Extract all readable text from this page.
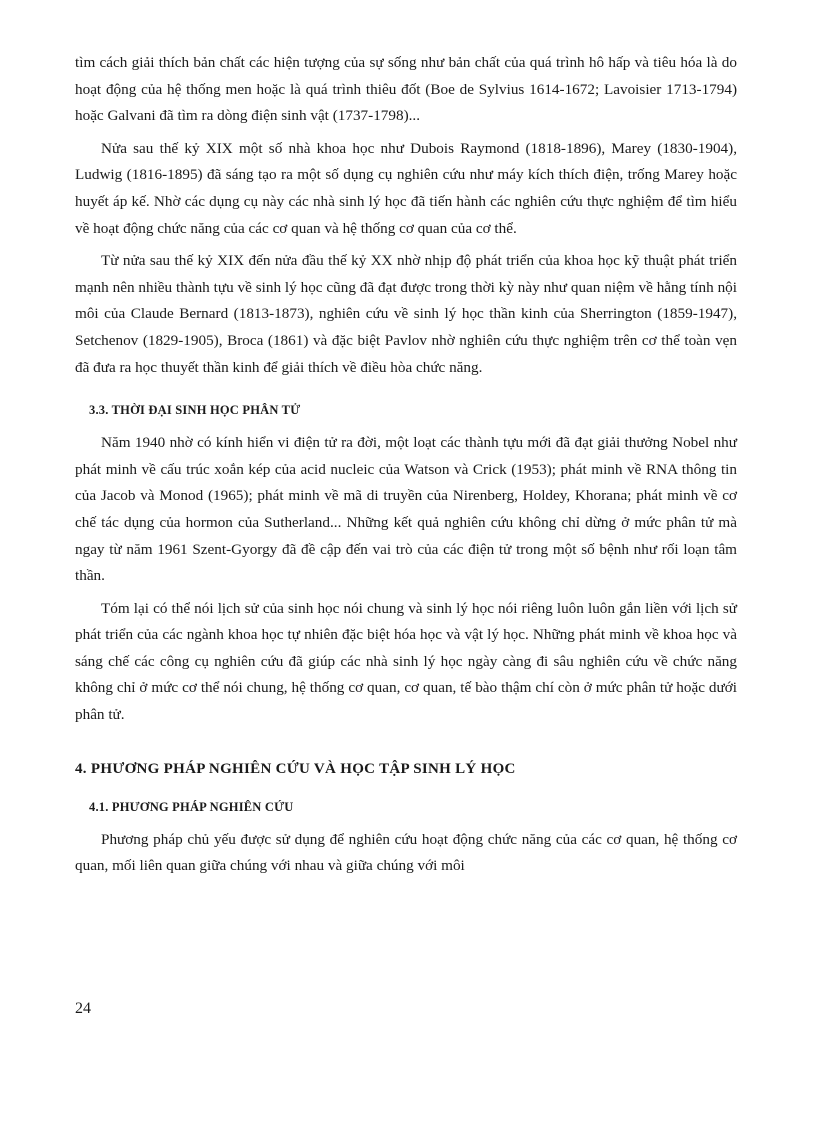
tìm cách giải thích bản chất các hiện tượng của sự sống như bản chất của quá trình hô hấp và tiêu hóa là do hoạt động của hệ thống men hoặc là quá trình thiêu đốt (Boe de Sylvius 1614-1672; Lavoisier 1713-1794) hoặc Galvani đã tìm ra dòng điện sinh vật (1737-1798)...

Nửa sau thế kỷ XIX một số nhà khoa học như Dubois Raymond (1818-1896), Marey (1830-1904), Ludwig (1816-1895) đã sáng tạo ra một số dụng cụ nghiên cứu như máy kích thích điện, trống Marey hoặc huyết áp kế. Nhờ các dụng cụ này các nhà sinh lý học đã tiến hành các nghiên cứu thực nghiệm để tìm hiểu về hoạt động chức năng của các cơ quan và hệ thống cơ quan của cơ thể.

Từ nửa sau thế kỷ XIX đến nửa đầu thế kỷ XX nhờ nhịp độ phát triển của khoa học kỹ thuật phát triển mạnh nên nhiều thành tựu về sinh lý học cũng đã đạt được trong thời kỳ này như quan niệm về hằng tính nội môi của Claude Bernard (1813-1873), nghiên cứu về sinh lý học thần kinh của Sherrington (1859-1947), Setchenov (1829-1905), Broca (1861) và đặc biệt Pavlov nhờ nghiên cứu thực nghiệm trên cơ thể toàn vẹn đã đưa ra học thuyết thần kinh để giải thích về điều hòa chức năng.

3.3. THỜI ĐẠI SINH HỌC PHÂN TỬ

Năm 1940 nhờ có kính hiển vi điện tử ra đời, một loạt các thành tựu mới đã đạt giải thưởng Nobel như phát minh về cấu trúc xoắn kép của acid nucleic của Watson và Crick (1953); phát minh về RNA thông tin của Jacob và Monod (1965); phát minh về mã di truyền của Nirenberg, Holdey, Khorana; phát minh về cơ chế tác dụng của hormon của Sutherland... Những kết quả nghiên cứu không chỉ dừng ở mức phân tử mà ngay từ năm 1961 Szent-Gyorgy đã đề cập đến vai trò của các điện tử trong một số bệnh như rối loạn tâm thần.

Tóm lại có thể nói lịch sử của sinh học nói chung và sinh lý học nói riêng luôn luôn gắn liền với lịch sử phát triển của các ngành khoa học tự nhiên đặc biệt hóa học và vật lý học. Những phát minh về khoa học và sáng chế các công cụ nghiên cứu đã giúp các nhà sinh lý học ngày càng đi sâu nghiên cứu về chức năng không chỉ ở mức cơ thể nói chung, hệ thống cơ quan, cơ quan, tế bào thậm chí còn ở mức phân tử hoặc dưới phân tử.

4. PHƯƠNG PHÁP NGHIÊN CỨU VÀ HỌC TẬP SINH LÝ HỌC
4.1. PHƯƠNG PHÁP NGHIÊN CỨU

Phương pháp chủ yếu được sử dụng để nghiên cứu hoạt động chức năng của các cơ quan, hệ thống cơ quan, mối liên quan giữa chúng với nhau và giữa chúng với môi

24
